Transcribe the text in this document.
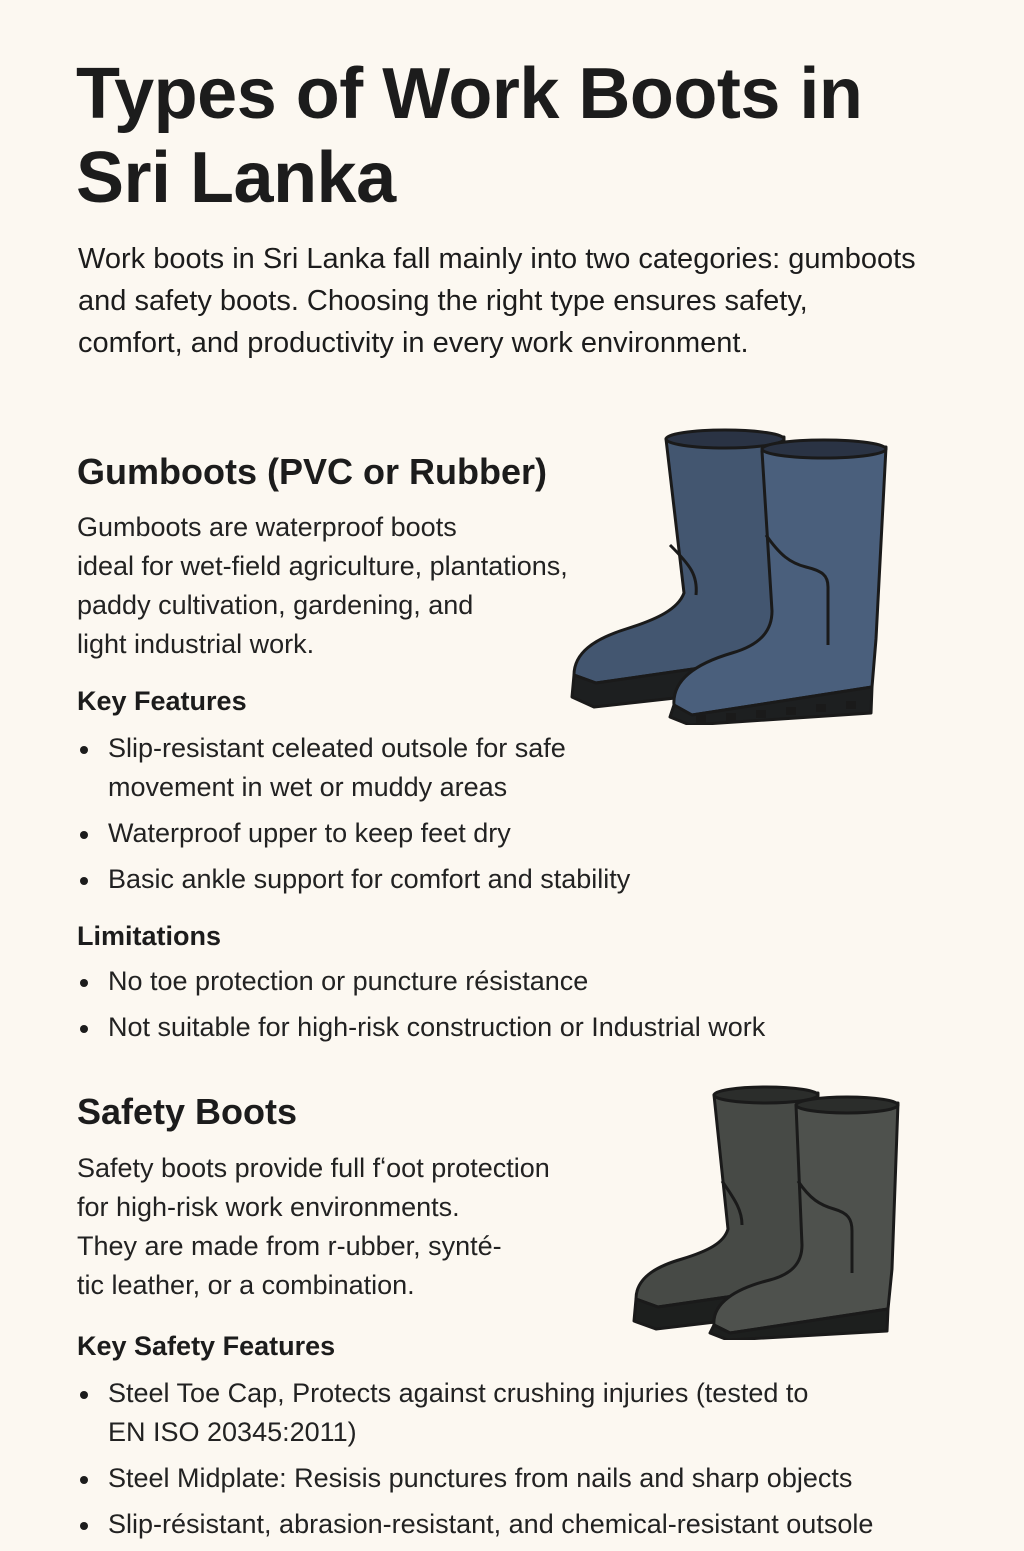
Types of Work Boots in Sri Lanka

Work boots in Sri Lanka fall mainly into two categories: gumboots and safety boots. Choosing the right type ensures safety, comfort, and productivity in every work environment.

Gumboots (PVC or Rubber)
Gumboots are waterproof boots
ideal for wet-field agriculture, plantations,
paddy cultivation, gardening, and
light industrial work.
Key Features
Slip-resistant celeated outsole for safe
movement in wet or muddy areas
Waterproof upper to keep feet dry
Basic ankle support for comfort and stability
Limitations
No toe protection or puncture résistance
Not suitable for high-risk construction or Industrial work
Safety Boots
Safety boots provide full fʻoot protection
for high-risk work environments.
They are made from r-ubber, synté-
tic leather, or a combination.
Key Safety Features
Steel Toe Cap, Protects against crushing injuries (tested to
EN ISO 20345:2011)
Steel Midplate: Resisis punctures from nails and sharp objects
Slip-résistant, abrasion-resistant, and chemical-resistant outsole
